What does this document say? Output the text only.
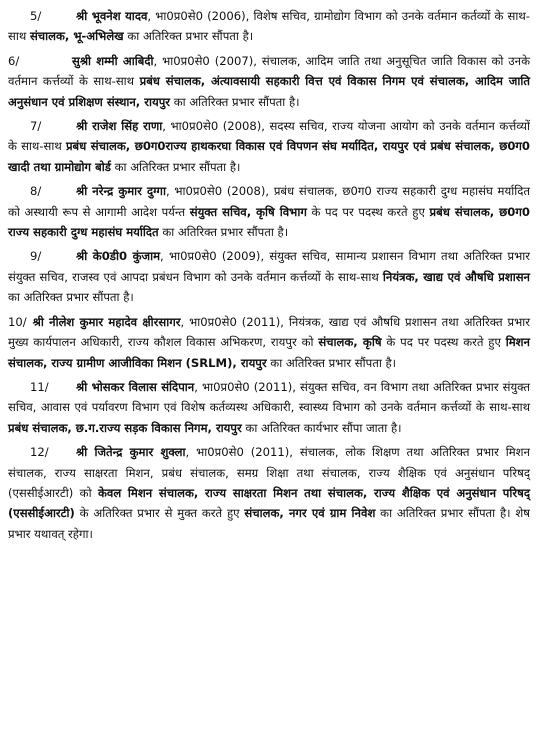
5/	श्री भूवनेश यादव, भा0प्र0से0 (2006), विशेष सचिव, ग्रामोद्योग विभाग को उनके वर्तमान कर्तव्यों के साथ-साथ संचालक, भू-अभिलेख का अतिरिक्त प्रभार सौंपता है।

6/	सुश्री शम्मी आबिदी, भा0प्र0से0 (2007), संचालक, आदिम जाति तथा अनुसूचित जाति विकास को उनके वर्तमान कर्त्तव्यों के साथ-साथ प्रबंध संचालक, अंत्यावसायी सहकारी वित्त एवं विकास निगम एवं संचालक, आदिम जाति अनुसंधान एवं प्रशिक्षण संस्थान, रायपुर का अतिरिक्त प्रभार सौंपता है।

7/	श्री राजेश सिंह राणा, भा0प्र0से0 (2008), सदस्य सचिव, राज्य योजना आयोग को उनके वर्तमान कर्त्तव्यों के साथ-साथ प्रबंध संचालक, छ0ग0राज्य हाथकरघा विकास एवं विपणन संघ मर्यादित, रायपुर एवं प्रबंध संचालक, छ0ग0 खादी तथा ग्रामोद्योग बोर्ड का अतिरिक्त प्रभार सौंपता है।

8/	श्री नरेन्द्र कुमार दुग्गा, भा0प्र0से0 (2008), प्रबंध संचालक, छ0ग0 राज्य सहकारी दुग्ध महासंघ मर्यादित को अस्थायी रूप से आगामी आदेश पर्यन्त संयुक्त सचिव, कृषि विभाग के पद पर पदस्थ करते हुए प्रबंध संचालक, छ0ग0 राज्य सहकारी दुग्ध महासंघ मर्यादित का अतिरिक्त प्रभार सौंपता है।

9/	श्री के0डी0 कुंजाम, भा0प्र0से0 (2009), संयुक्त सचिव, सामान्य प्रशासन विभाग तथा अतिरिक्त प्रभार संयुक्त सचिव, राजस्व एवं आपदा प्रबंधन विभाग को उनके वर्तमान कर्त्तव्यों के साथ-साथ नियंत्रक, खाद्य एवं औषधि प्रशासन का अतिरिक्त प्रभार सौंपता है।

10/ श्री नीलेश कुमार महादेव क्षीरसागर, भा0प्र0से0 (2011), नियंत्रक, खाद्य एवं औषधि प्रशासन तथा अतिरिक्त प्रभार मुख्य कार्यपालन अधिकारी, राज्य कौशल विकास अभिकरण, रायपुर को संचालक, कृषि के पद पर पदस्थ करते हुए मिशन संचालक, राज्य ग्रामीण आजीविका मिशन (SRLM), रायपुर का अतिरिक्त प्रभार सौंपता है।

11/ श्री भोसकर विलास संदिपान, भा0प्र0से0 (2011), संयुक्त सचिव, वन विभाग तथा अतिरिक्त प्रभार संयुक्त सचिव, आवास एवं पर्यावरण विभाग एवं विशेष कर्तव्यस्थ अधिकारी, स्वास्थ्य विभाग को उनके वर्तमान कर्त्तव्यों के साथ-साथ प्रबंध संचालक, छ.ग.राज्य सड़क विकास निगम, रायपुर का अतिरिक्त कार्यभार सौंपा जाता है।

12/ श्री जितेन्द्र कुमार शुक्ला, भा0प्र0से0 (2011), संचालक, लोक शिक्षण तथा अतिरिक्त प्रभार मिशन संचालक, राज्य साक्षरता मिशन, प्रबंध संचालक, समग्र शिक्षा तथा संचालक, राज्य शैक्षिक एवं अनुसंधान परिषद् (एससीईआरटी) को केवल मिशन संचालक, राज्य साक्षरता मिशन तथा संचालक, राज्य शैक्षिक एवं अनुसंधान परिषद् (एससीईआरटी) के अतिरिक्त प्रभार से मुक्त करते हुए संचालक, नगर एवं ग्राम निवेश का अतिरिक्त प्रभार सौंपता है। शेष प्रभार यथावत् रहेगा।
